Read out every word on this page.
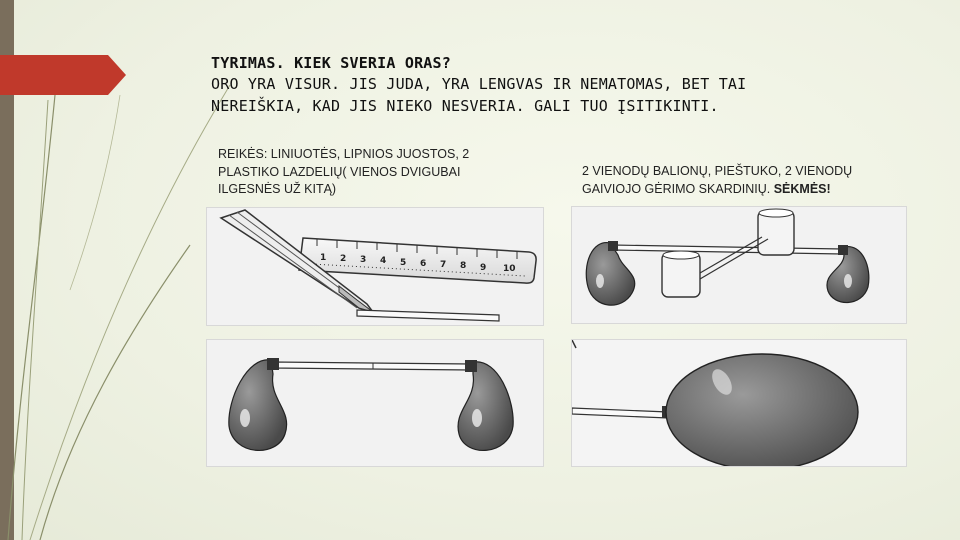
TYRIMAS. KIEK SVERIA ORAS?
ORO YRA VISUR. JIS JUDA, YRA LENGVAS IR NEMATOMAS, BET TAI
NEREIŠKIA, KAD JIS NIEKO NESVERIA. GALI TUO ĮSITIKINTI.
REIKĖS: LINIUOTĖS, LIPNIOS JUOSTOS, 2
PLASTIKO LAZDELIŲ( VIENOS DVIGUBAI
ILGESNĖS UŽ KITĄ)
2 VIENODŲ BALIONŲ, PIEŠTUKO, 2 VIENODŲ
GAIVIOJO GĖRIMO SKARDINIŲ. SĖKMĖS!
1 2 3 4 5 6 7 8 9 10
